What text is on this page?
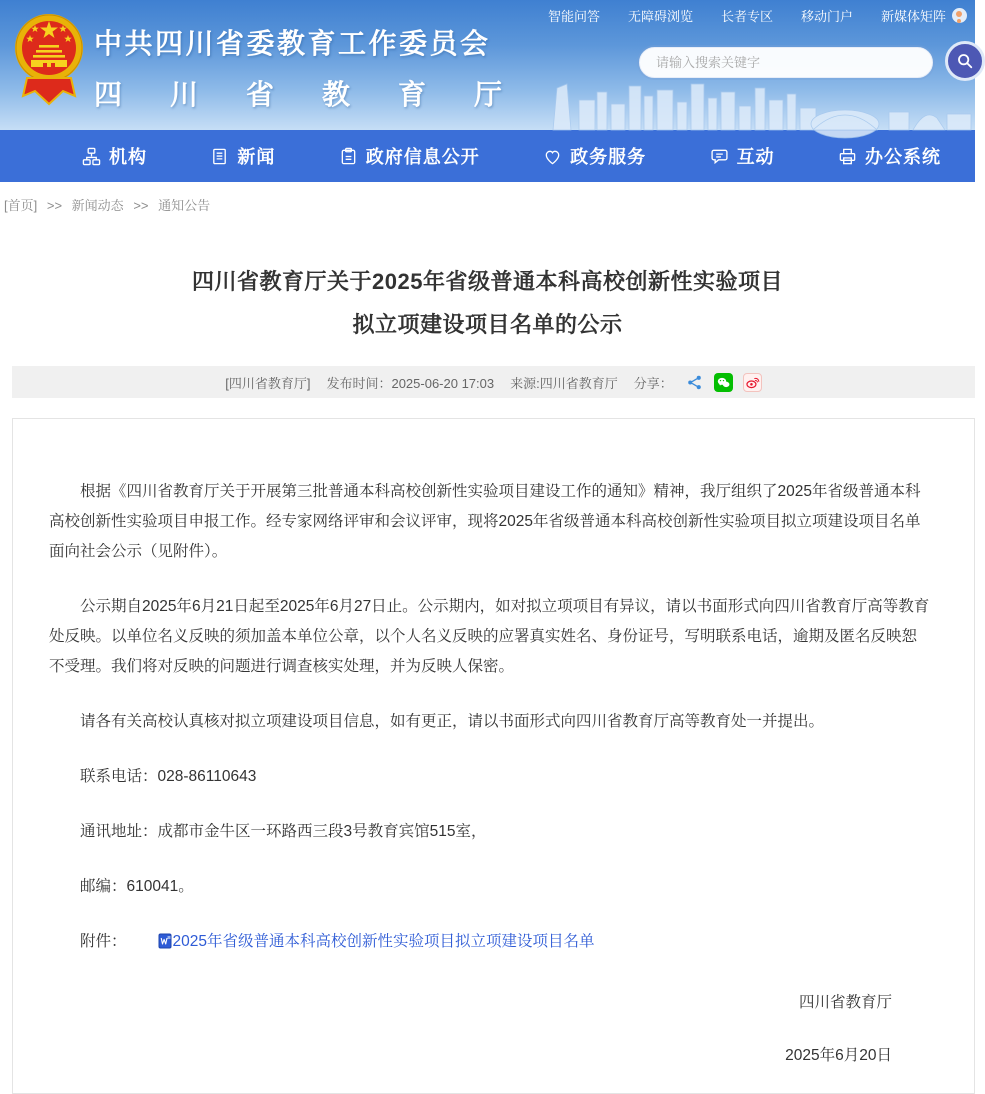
中共四川省委教育工作委员会
四川省教育厅
智能问答 无障碍浏览 长者专区 移动门户 新媒体矩阵
请输入搜索关键字
机构	新闻	政府信息公开	政务服务	互动	办公系统
[首页] >> 新闻动态 >> 通知公告
四川省教育厅关于2025年省级普通本科高校创新性实验项目
拟立项建设项目名单的公示
[四川省教育厅] 发布时间：2025-06-20 17:03 来源:四川省教育厅 分享：

根据《四川省教育厅关于开展第三批普通本科高校创新性实验项目建设工作的通知》精神，我厅组织了2025年省级普通本科高校创新性实验项目申报工作。经专家网络评审和会议评审，现将2025年省级普通本科高校创新性实验项目拟立项建设项目名单面向社会公示（见附件）。

公示期自2025年6月21日起至2025年6月27日止。公示期内，如对拟立项项目有异议，请以书面形式向四川省教育厅高等教育处反映。以单位名义反映的须加盖本单位公章，以个人名义反映的应署真实姓名、身份证号，写明联系电话，逾期及匿名反映恕不受理。我们将对反映的问题进行调查核实处理，并为反映人保密。

请各有关高校认真核对拟立项建设项目信息，如有更正，请以书面形式向四川省教育厅高等教育处一并提出。

联系电话：028-86110643

通讯地址：成都市金牛区一环路西三段3号教育宾馆515室，

邮编：610041。

附件：	2025年省级普通本科高校创新性实验项目拟立项建设项目名单

四川省教育厅
2025年6月20日
